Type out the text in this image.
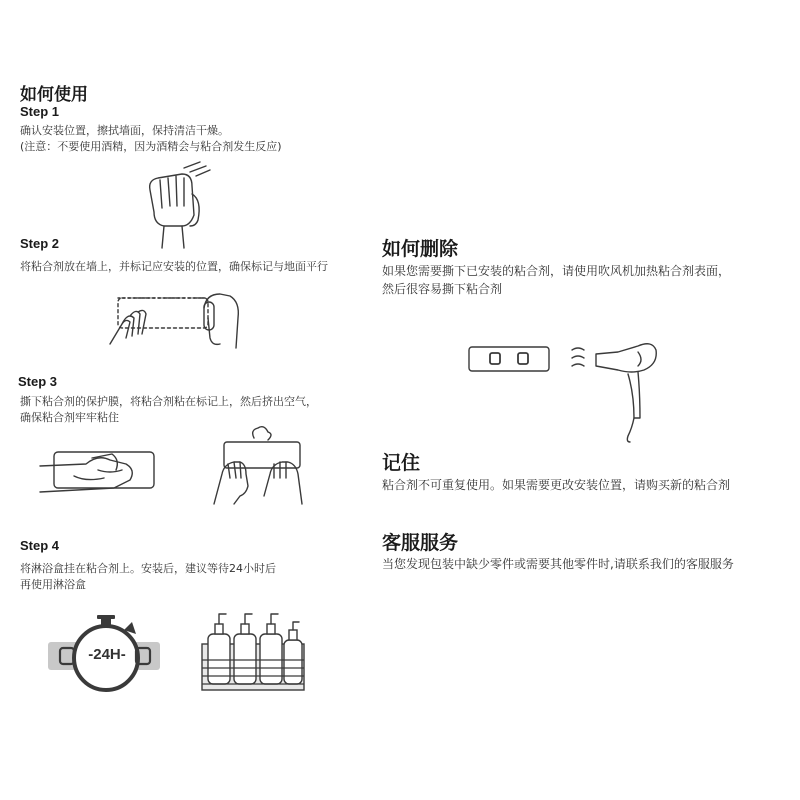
如何使用
Step 1
确认安装位置，擦拭墙面，保持清洁干燥。
(注意：不要使用酒精，因为酒精会与粘合剂发生反应)
Step 2
将粘合剂放在墙上，并标记应安装的位置，确保标记与地面平行
Step 3
撕下粘合剂的保护膜，将粘合剂粘在标记上，然后挤出空气，
确保粘合剂牢牢粘住
Step 4
将淋浴盒挂在粘合剂上。安装后，建议等待24小时后
再使用淋浴盒
-24H-
如何删除
如果您需要撕下已安装的粘合剂，请使用吹风机加热粘合剂表面，
然后很容易撕下粘合剂
记住
粘合剂不可重复使用。如果需要更改安装位置，请购买新的粘合剂
客服服务
当您发现包装中缺少零件或需要其他零件时,请联系我们的客服服务
